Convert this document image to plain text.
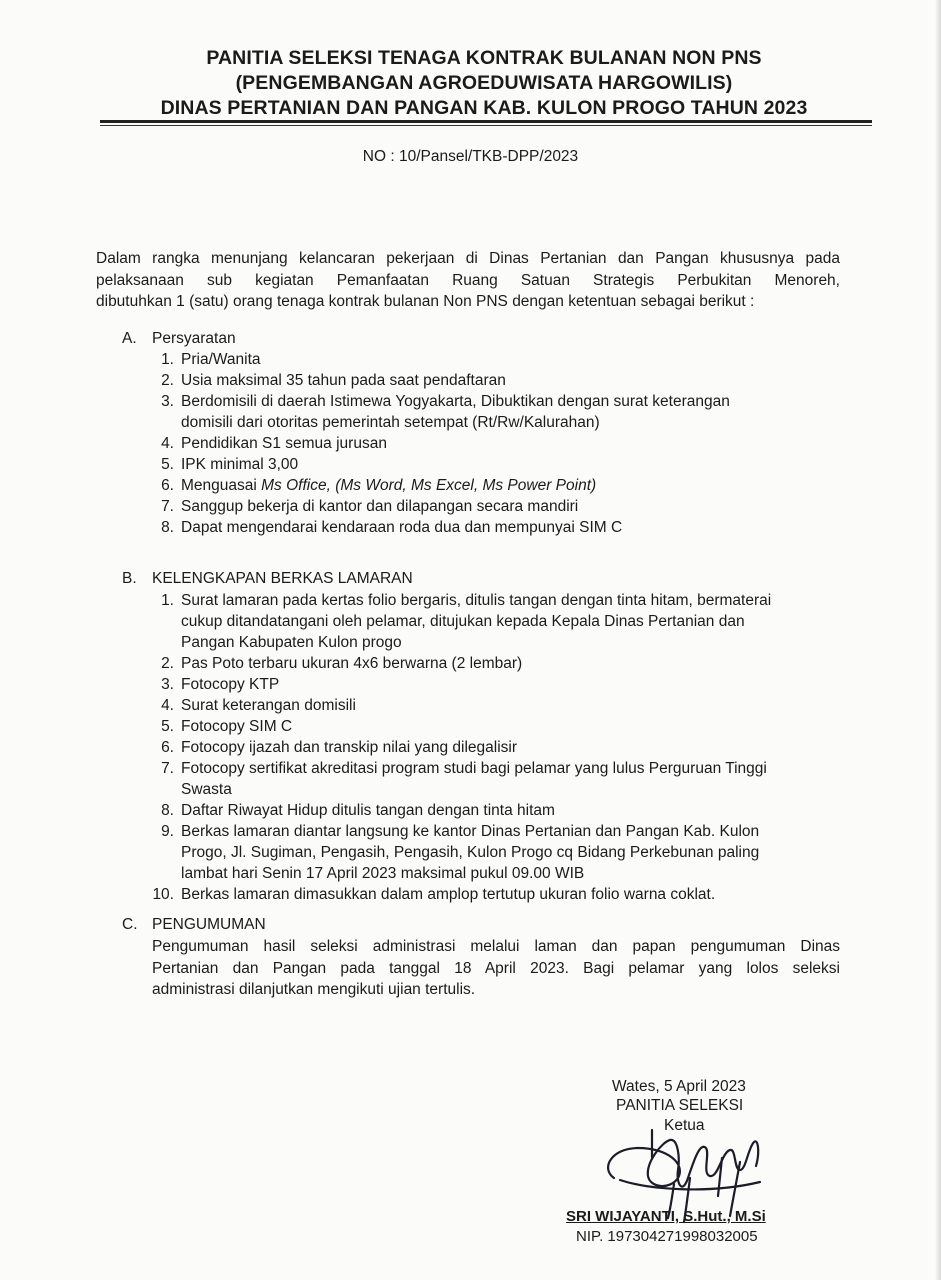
PANITIA SELEKSI TENAGA KONTRAK BULANAN NON PNS
(PENGEMBANGAN AGROEDUWISATA HARGOWILIS)
DINAS PERTANIAN DAN PANGAN KAB. KULON PROGO TAHUN 2023
NO : 10/Pansel/TKB-DPP/2023
Dalam rangka menunjang kelancaran pekerjaan di Dinas Pertanian dan Pangan khususnya pada
pelaksanaan sub kegiatan Pemanfaatan Ruang Satuan Strategis Perbukitan Menoreh,
dibutuhkan 1 (satu) orang tenaga kontrak bulanan Non PNS dengan ketentuan sebagai berikut :
A. Persyaratan
1. Pria/Wanita
2. Usia maksimal 35 tahun pada saat pendaftaran
3. Berdomisili di daerah Istimewa Yogyakarta, Dibuktikan dengan surat keterangan
domisili dari otoritas pemerintah setempat (Rt/Rw/Kalurahan)
4. Pendidikan S1 semua jurusan
5. IPK minimal 3,00
6. Menguasai Ms Office, (Ms Word, Ms Excel, Ms Power Point)
7. Sanggup bekerja di kantor dan dilapangan secara mandiri
8. Dapat mengendarai kendaraan roda dua dan mempunyai SIM C
B. KELENGKAPAN BERKAS LAMARAN
1. Surat lamaran pada kertas folio bergaris, ditulis tangan dengan tinta hitam, bermaterai
cukup ditandatangani oleh pelamar, ditujukan kepada Kepala Dinas Pertanian dan
Pangan Kabupaten Kulon progo
2. Pas Poto terbaru ukuran 4x6 berwarna (2 lembar)
3. Fotocopy KTP
4. Surat keterangan domisili
5. Fotocopy SIM C
6. Fotocopy ijazah dan transkip nilai yang dilegalisir
7. Fotocopy sertifikat akreditasi program studi bagi pelamar yang lulus Perguruan Tinggi
Swasta
8. Daftar Riwayat Hidup ditulis tangan dengan tinta hitam
9. Berkas lamaran diantar langsung ke kantor Dinas Pertanian dan Pangan Kab. Kulon
Progo, Jl. Sugiman, Pengasih, Pengasih, Kulon Progo cq Bidang Perkebunan paling
lambat hari Senin 17 April 2023 maksimal pukul 09.00 WIB
10. Berkas lamaran dimasukkan dalam amplop tertutup ukuran folio warna coklat.
C. PENGUMUMAN
Pengumuman hasil seleksi administrasi melalui laman dan papan pengumuman Dinas
Pertanian dan Pangan pada tanggal 18 April 2023. Bagi pelamar yang lolos seleksi
administrasi dilanjutkan mengikuti ujian tertulis.
Wates, 5 April 2023
PANITIA SELEKSI
Ketua
SRI WIJAYANTI, S.Hut., M.Si
NIP. 197304271998032005
